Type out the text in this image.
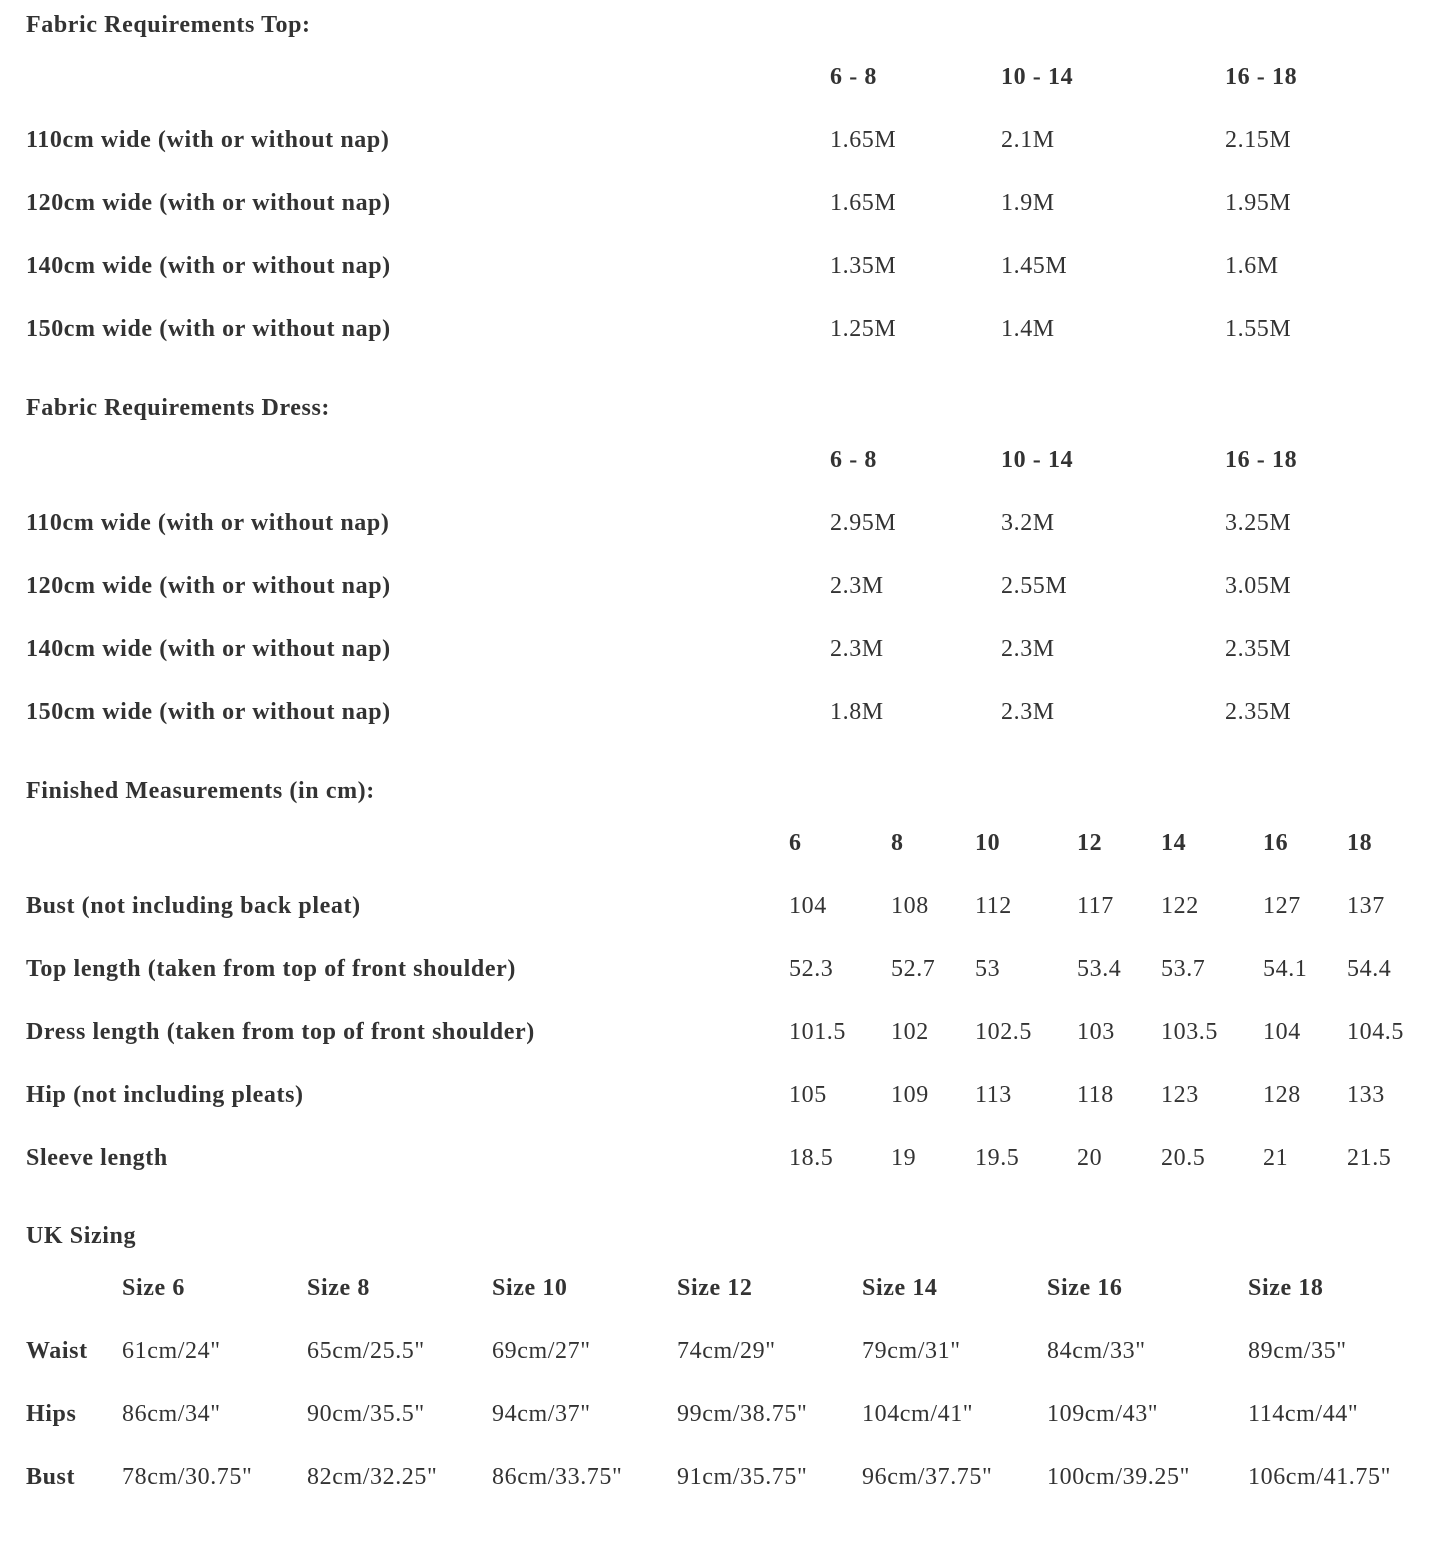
Fabric Requirements Top:
6 - 8	10 - 14	16 - 18
110cm wide (with or without nap)	1.65M	2.1M	2.15M
120cm wide (with or without nap)	1.65M	1.9M	1.95M
140cm wide (with or without nap)	1.35M	1.45M	1.6M
150cm wide (with or without nap)	1.25M	1.4M	1.55M
Fabric Requirements Dress:
6 - 8	10 - 14	16 - 18
110cm wide (with or without nap)	2.95M	3.2M	3.25M
120cm wide (with or without nap)	2.3M	2.55M	3.05M
140cm wide (with or without nap)	2.3M	2.3M	2.35M
150cm wide (with or without nap)	1.8M	2.3M	2.35M
Finished Measurements (in cm):
6	8	10	12 14	16 18
Bust (not including back pleat)	104	108 112	117 122	127 137
Top length (taken from top of front shoulder)	52.3 52.7 53	53.4 53.7 54.1 54.4
Dress length (taken from top of front shoulder)	101.5 102 102.5 103 103.5 104 104.5
Hip (not including pleats)	105	109 113	118 123	128 133
Sleeve length	18.5 19 19.5 20 20.5 21 21.5
UK Sizing
Size 6	Size 8	Size 10	Size 12	Size 14	Size 16	Size 18
Waist 61cm/24"	65cm/25.5"	69cm/27"	74cm/29"	79cm/31"	84cm/33"	89cm/35"
Hips 86cm/34"	90cm/35.5"	94cm/37"	99cm/38.75" 104cm/41"	109cm/43"	114cm/44"
Bust 78cm/30.75" 82cm/32.25" 86cm/33.75" 91cm/35.75" 96cm/37.75" 100cm/39.25" 106cm/41.75"
